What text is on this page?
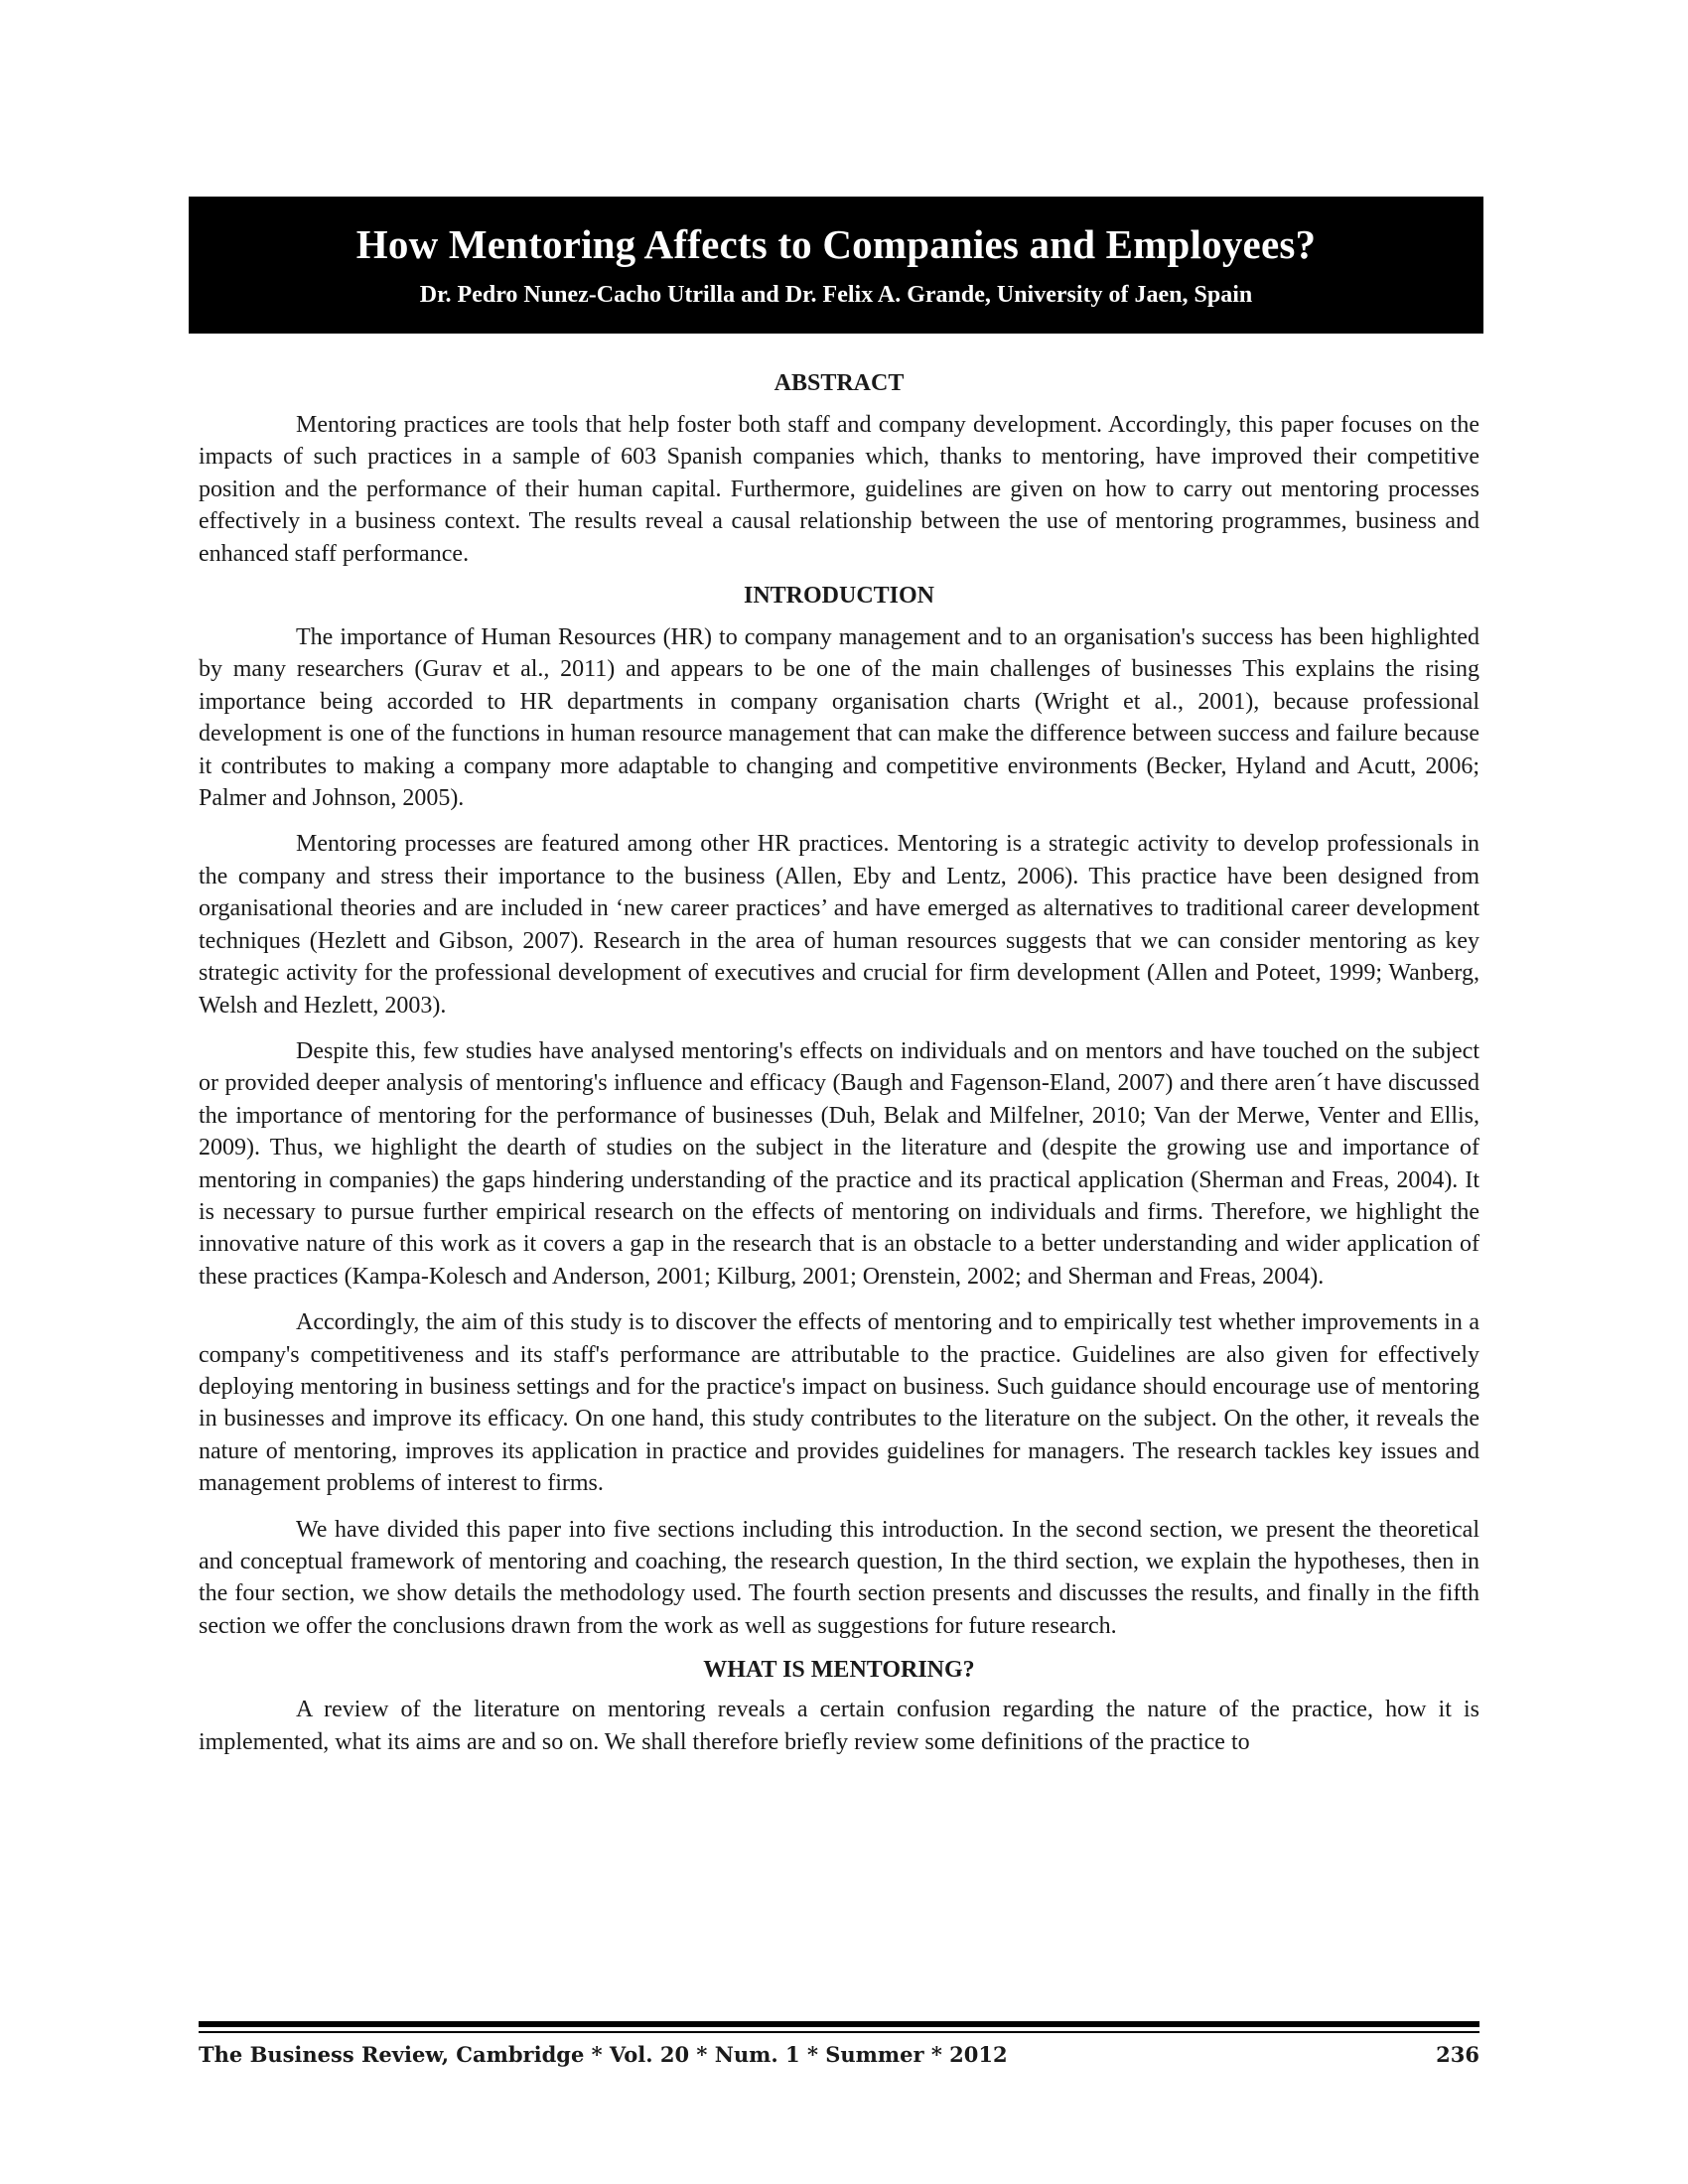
How Mentoring Affects to Companies and Employees?

Dr. Pedro Nunez-Cacho Utrilla and Dr. Felix A. Grande, University of Jaen, Spain

ABSTRACT

Mentoring practices are tools that help foster both staff and company development. Accordingly, this paper focuses on the impacts of such practices in a sample of 603 Spanish companies which, thanks to mentoring, have improved their competitive position and the performance of their human capital. Furthermore, guidelines are given on how to carry out mentoring processes effectively in a business context. The results reveal a causal relationship between the use of mentoring programmes, business and enhanced staff performance.

INTRODUCTION

The importance of Human Resources (HR) to company management and to an organisation's success has been highlighted by many researchers (Gurav et al., 2011) and appears to be one of the main challenges of businesses This explains the rising importance being accorded to HR departments in company organisation charts (Wright et al., 2001), because professional development is one of the functions in human resource management that can make the difference between success and failure because it contributes to making a company more adaptable to changing and competitive environments (Becker, Hyland and Acutt, 2006; Palmer and Johnson, 2005).

Mentoring processes are featured among other HR practices. Mentoring is a strategic activity to develop professionals in the company and stress their importance to the business (Allen, Eby and Lentz, 2006). This practice have been designed from organisational theories and are included in ‘new career practices’ and have emerged as alternatives to traditional career development techniques (Hezlett and Gibson, 2007). Research in the area of human resources suggests that we can consider mentoring as key strategic activity for the professional development of executives and crucial for firm development (Allen and Poteet, 1999; Wanberg, Welsh and Hezlett, 2003).

Despite this, few studies have analysed mentoring's effects on individuals and on mentors and have touched on the subject or provided deeper analysis of mentoring's influence and efficacy (Baugh and Fagenson-Eland, 2007) and there aren´t have discussed the importance of mentoring for the performance of businesses (Duh, Belak and Milfelner, 2010; Van der Merwe, Venter and Ellis, 2009). Thus, we highlight the dearth of studies on the subject in the literature and (despite the growing use and importance of mentoring in companies) the gaps hindering understanding of the practice and its practical application (Sherman and Freas, 2004). It is necessary to pursue further empirical research on the effects of mentoring on individuals and firms. Therefore, we highlight the innovative nature of this work as it covers a gap in the research that is an obstacle to a better understanding and wider application of these practices (Kampa-Kolesch and Anderson, 2001; Kilburg, 2001; Orenstein, 2002; and Sherman and Freas, 2004).

Accordingly, the aim of this study is to discover the effects of mentoring and to empirically test whether improvements in a company's competitiveness and its staff's performance are attributable to the practice. Guidelines are also given for effectively deploying mentoring in business settings and for the practice's impact on business. Such guidance should encourage use of mentoring in businesses and improve its efficacy. On one hand, this study contributes to the literature on the subject. On the other, it reveals the nature of mentoring, improves its application in practice and provides guidelines for managers. The research tackles key issues and management problems of interest to firms.

We have divided this paper into five sections including this introduction. In the second section, we present the theoretical and conceptual framework of mentoring and coaching, the research question, In the third section, we explain the hypotheses, then in the four section, we show details the methodology used. The fourth section presents and discusses the results, and finally in the fifth section we offer the conclusions drawn from the work as well as suggestions for future research.

WHAT IS MENTORING?

A review of the literature on mentoring reveals a certain confusion regarding the nature of the practice, how it is implemented, what its aims are and so on. We shall therefore briefly review some definitions of the practice to

The Business Review, Cambridge * Vol. 20 * Num. 1 * Summer * 2012	236
